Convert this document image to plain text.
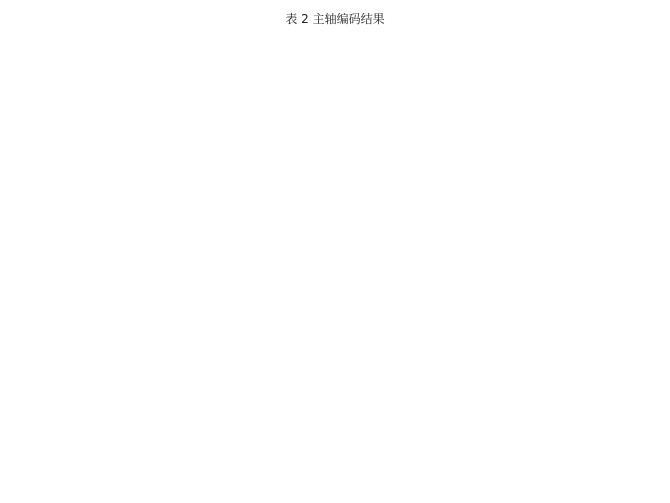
表 2 主轴编码结果
